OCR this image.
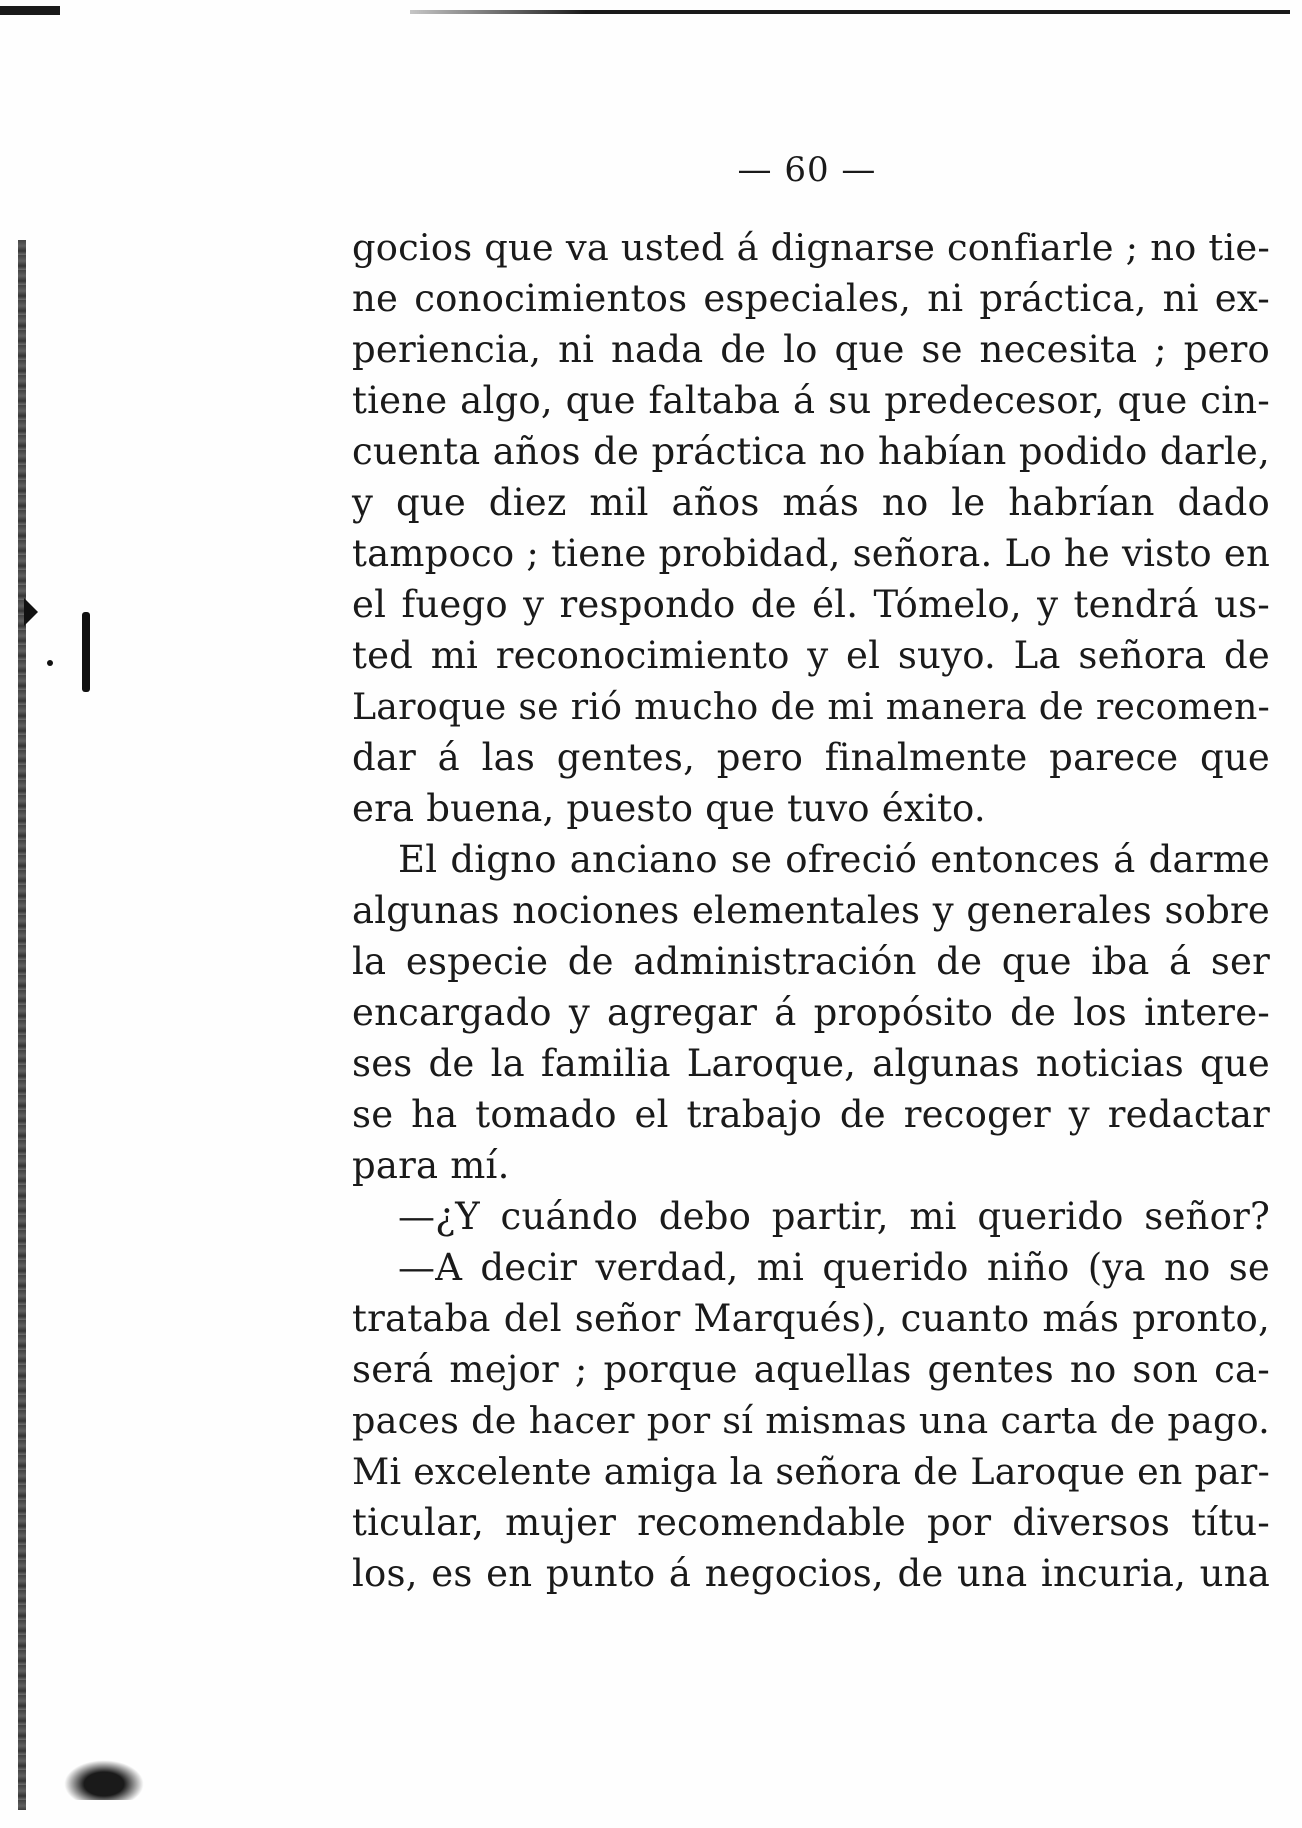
— 60 —
gocios que va usted á dignarse confiarle ; no tie-
ne conocimientos especiales, ni práctica, ni ex-
periencia, ni nada de lo que se necesita ; pero
tiene algo, que faltaba á su predecesor, que cin-
cuenta años de práctica no habían podido darle,
y que diez mil años más no le habrían dado
tampoco ; tiene probidad, señora. Lo he visto en
el fuego y respondo de él. Tómelo, y tendrá us-
ted mi reconocimiento y el suyo. La señora de
Laroque se rió mucho de mi manera de recomen-
dar á las gentes, pero finalmente parece que
era buena, puesto que tuvo éxito.
El digno anciano se ofreció entonces á darme
algunas nociones elementales y generales sobre
la especie de administración de que iba á ser
encargado y agregar á propósito de los intere-
ses de la familia Laroque, algunas noticias que
se ha tomado el trabajo de recoger y redactar
para mí.
—¿Y cuándo debo partir, mi querido señor?
—A decir verdad, mi querido niño (ya no se
trataba del señor Marqués), cuanto más pronto,
será mejor ; porque aquellas gentes no son ca-
paces de hacer por sí mismas una carta de pago.
Mi excelente amiga la señora de Laroque en par-
ticular, mujer recomendable por diversos títu-
los, es en punto á negocios, de una incuria, una
